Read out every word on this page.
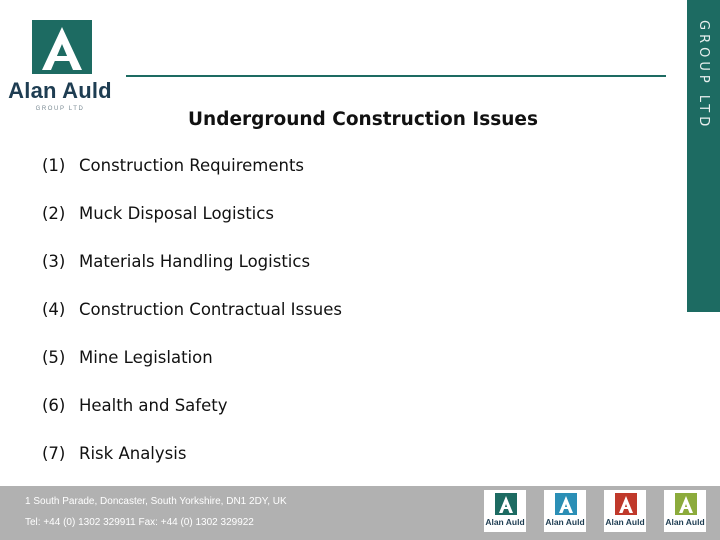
Alan Auld
GROUP LTD	GROUP LTD
Underground Construction Issues
(1) Construction Requirements
(2) Muck Disposal Logistics
(3) Materials Handling Logistics
(4) Construction Contractual Issues
(5) Mine Legislation
(6) Health and Safety
(7) Risk Analysis
1 South Parade, Doncaster, South Yorkshire, DN1 2DY, UK
Tel: +44 (0) 1302 329911 Fax: +44 (0) 1302 329922	Alan Auld Alan Auld Alan Auld Alan Auld
